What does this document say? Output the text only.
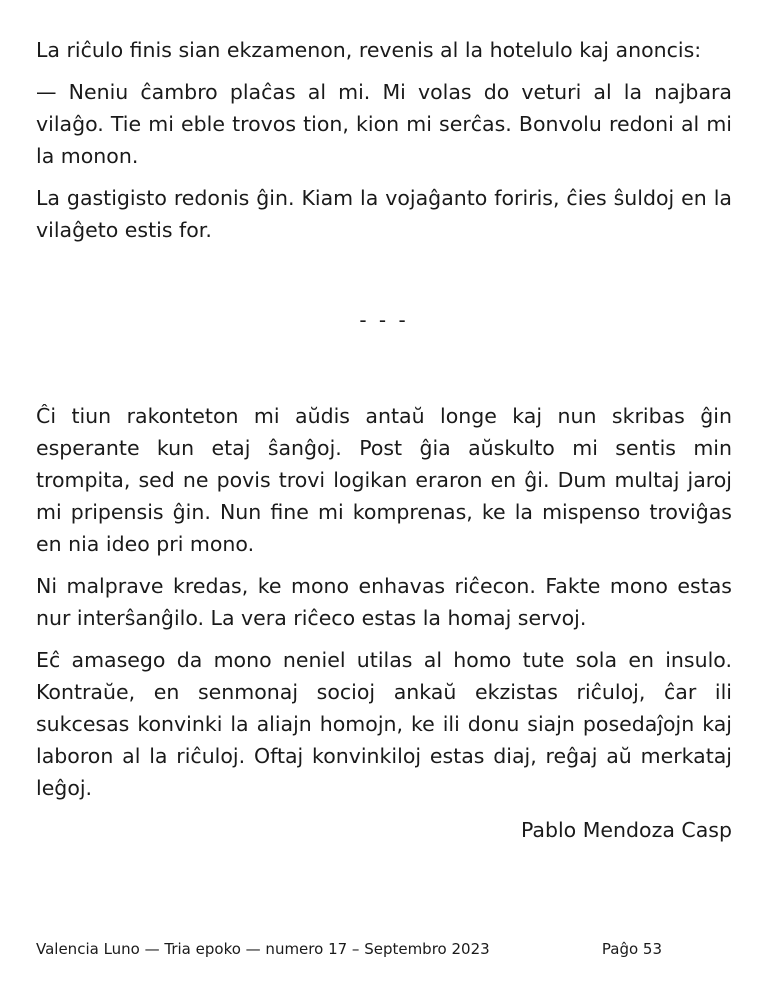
La riĉulo finis sian ekzamenon, revenis al la hotelulo kaj anoncis:

— Neniu ĉambro plaĉas al mi. Mi volas do veturi al la najbara vilaĝo. Tie mi eble trovos tion, kion mi serĉas. Bonvolu redoni al mi la monon.

La gastigisto redonis ĝin. Kiam la vojaĝanto foriris, ĉies ŝuldoj en la vilaĝeto estis for.

- - -

Ĉi tiun rakonteton mi aŭdis antaŭ longe kaj nun skribas ĝin esperante kun etaj ŝanĝoj. Post ĝia aŭskulto mi sentis min trompita, sed ne povis trovi logikan eraron en ĝi. Dum multaj jaroj mi pripensis ĝin. Nun fine mi komprenas, ke la mispenso troviĝas en nia ideo pri mono.

Ni malprave kredas, ke mono enhavas riĉecon. Fakte mono estas nur interŝanĝilo. La vera riĉeco estas la homaj servoj.

Eĉ amasego da mono neniel utilas al homo tute sola en insulo. Kontraŭe, en senmonaj socioj ankaŭ ekzistas riĉuloj, ĉar ili sukcesas konvinki la aliajn homojn, ke ili donu siajn posedaĵojn kaj laboron al la riĉuloj. Oftaj konvinkiloj estas diaj, reĝaj aŭ merkataj leĝoj.

Pablo Mendoza Casp
Valencia Luno — Tria epoko — numero 17 – Septembro 2023	Paĝo 53
